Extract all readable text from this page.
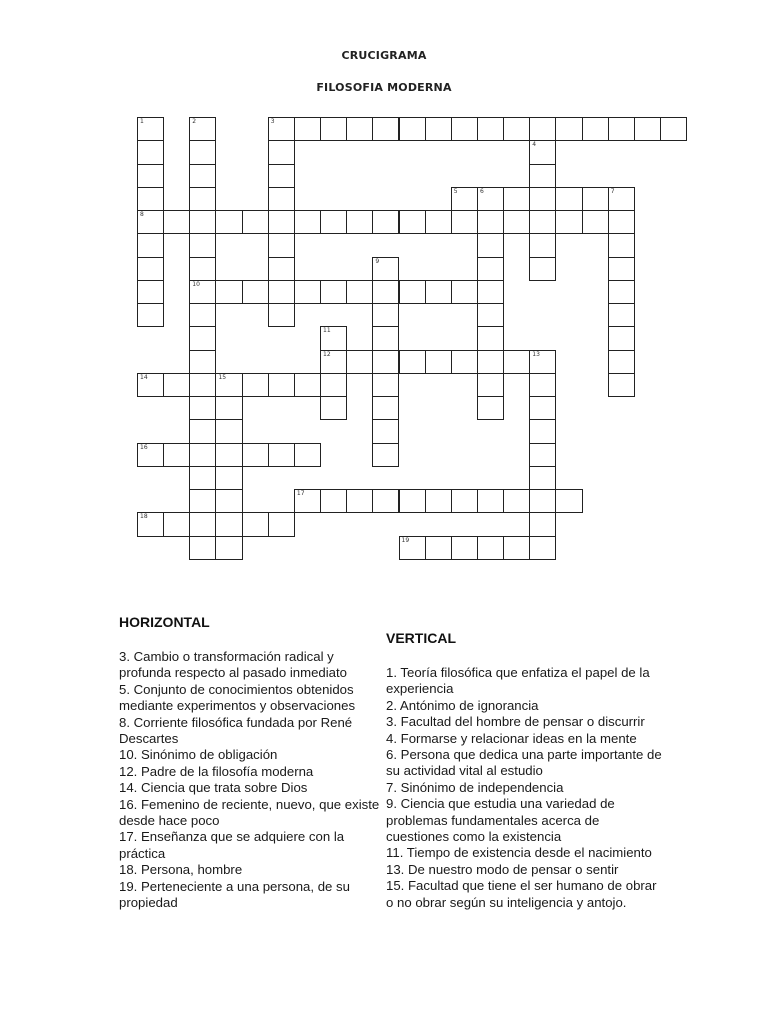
CRUCIGRAMA
FILOSOFIA MODERNA
1
8
2
10
3
4
5	6	7
9
11
12	13
14	15
16
17
18
19
HORIZONTAL
3. Cambio o transformación radical y profunda respecto al pasado inmediato
5. Conjunto de conocimientos obtenidos mediante experimentos y observaciones
8. Corriente filosófica fundada por René Descartes
10. Sinónimo de obligación
12. Padre de la filosofía moderna
14. Ciencia que trata sobre Dios
16. Femenino de reciente, nuevo, que existe desde hace poco
17. Enseñanza que se adquiere con la práctica
18. Persona, hombre
19. Perteneciente a una persona, de su propiedad
VERTICAL
1. Teoría filosófica que enfatiza el papel de la experiencia
2. Antónimo de ignorancia
3. Facultad del hombre de pensar o discurrir
4. Formarse y relacionar ideas en la mente
6. Persona que dedica una parte importante de su actividad vital al estudio
7. Sinónimo de independencia
9. Ciencia que estudia una variedad de problemas fundamentales acerca de cuestiones como la existencia
11. Tiempo de existencia desde el nacimiento
13. De nuestro modo de pensar o sentir
15. Facultad que tiene el ser humano de obrar o no obrar según su inteligencia y antojo.
